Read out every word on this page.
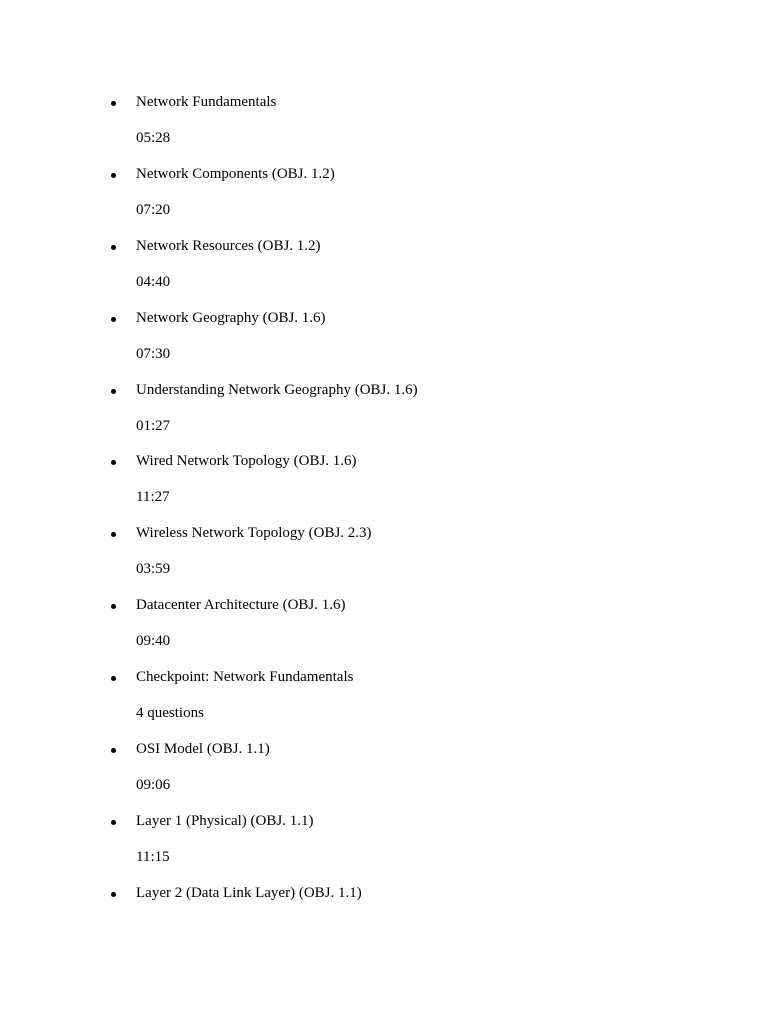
Network Fundamentals
05:28
Network Components (OBJ. 1.2)
07:20
Network Resources (OBJ. 1.2)
04:40
Network Geography (OBJ. 1.6)
07:30
Understanding Network Geography (OBJ. 1.6)
01:27
Wired Network Topology (OBJ. 1.6)
11:27
Wireless Network Topology (OBJ. 2.3)
03:59
Datacenter Architecture (OBJ. 1.6)
09:40
Checkpoint: Network Fundamentals
4 questions
OSI Model (OBJ. 1.1)
09:06
Layer 1 (Physical) (OBJ. 1.1)
11:15
Layer 2 (Data Link Layer) (OBJ. 1.1)
